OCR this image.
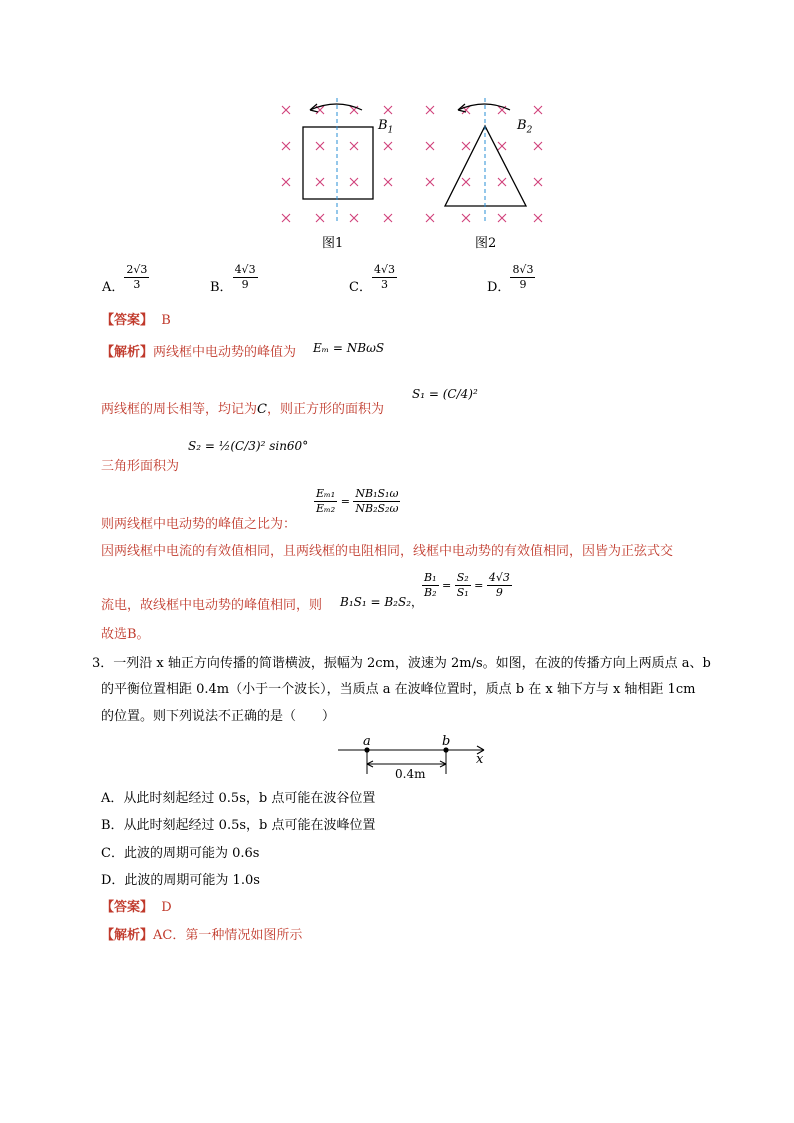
$B_1$	$B_2$
图1	图2
A． $\frac{2√3}{3}$	B． $\frac{4√3}{9}$	C． $\frac{4√3}{3}$	D． $\frac{8√3}{9}$
【答案】 B
【解析】两线框中电动势的峰值为 Eₘ = NBωS
两线框的周长相等，均记为C，则正方形的面积为
S₁ = (C/4)²
S₂ = ½(C/3)² sin60°
三角形面积为
则两线框中电动势的峰值之比为：
$\frac{\text{Eₘ₁}}{\text{Eₘ₂}} = \frac{\text{NB₁S₁ω}}{\text{NB₂S₂ω}}$
因两线框中电流的有效值相同，且两线框的电阻相同，线框中电动势的有效值相同，因皆为正弦式交
流电，故线框中电动势的峰值相同，则 B₁S₁ = B₂S₂，
$\frac{\text{B₁}}{\text{B₂}} = \frac{\text{S₂}}{\text{S₁}} = \frac{4√3}{9}$
故选B。
3．一列沿 x 轴正方向传播的简谐横波，振幅为 2cm，波速为 2m/s。如图，在波的传播方向上两质点 a、b
的平衡位置相距 0.4m（小于一个波长），当质点 a 在波峰位置时，质点 b 在 x 轴下方与 x 轴相距 1cm
的位置。则下列说法不正确的是（　　）
a	b
x
0.4m
A．从此时刻起经过 0.5s，b 点可能在波谷位置
B．从此时刻起经过 0.5s，b 点可能在波峰位置
C．此波的周期可能为 0.6s
D．此波的周期可能为 1.0s
【答案】 D
【解析】AC．第一种情况如图所示
